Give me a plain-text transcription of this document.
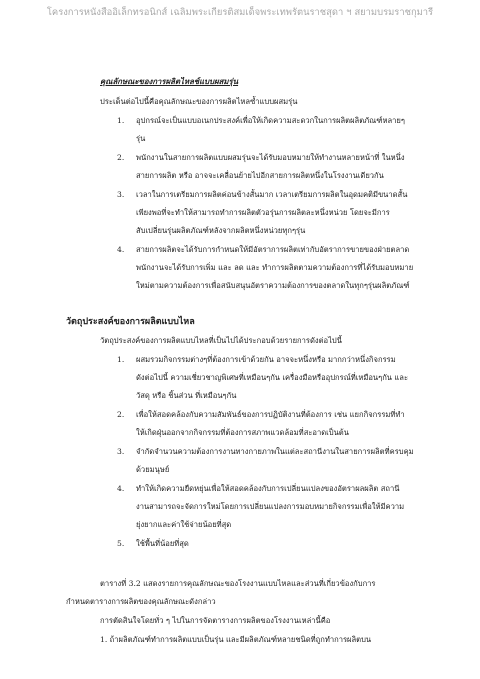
โครงการหนังสืออิเล็กทรอนิกส์ เฉลิมพระเกียรติสมเด็จพระเทพรัตนราชสุดา ฯ สยามบรมราชกุมารี
คุณลักษณะของการผลิตไหลช์แบบผสมรุ่น
ประเด็นต่อไปนี้คือคุณลักษณะของการผลิตไหลซ้ำแบบผสมรุ่น
1. อุปกรณ์จะเป็นแบบอเนกประสงค์เพื่อให้เกิดความสะดวกในการผลิตผลิตภัณฑ์หลายๆ
รุ่น
2. พนักงานในสายการผลิตแบบผสมรุ่นจะได้รับมอบหมายให้ทำงานหลายหน้าที่ ในหนึ่ง
สายการผลิต หรือ อาจจะเคลื่อนย้ายไปอีกสายการผลิตหนึ่งในโรงงานเดียวกัน
3. เวลาในการเตรียมการผลิตค่อนข้างสั้นมาก เวลาเตรียมการผลิตในอุดมคติมีขนาดสั้น
เพียงพอที่จะทำให้สามารถทำการผลิตตัวอรุ่นการผลิตละหนึ่งหน่วย โดยจะมีการ
สับเปลี่ยนรุ่นผลิตภัณฑ์หลังจากผลิตหนึ่งหน่วยทุกๆรุ่น
4. สายการผลิตจะได้รับการกำหนดให้มีอัตราการผลิตเท่ากับอัตราการขายของฝ่ายตลาด
พนักงานจะได้รับการเพิ่ม และ ลด และ ทำการผลิตตามความต้องการที่ได้รับมอบหมาย
ใหม่ตามความต้องการเพื่อสนับสนุนอัตราความต้องการของตลาดในทุกๆรุ่นผลิตภัณฑ์
วัตถุประสงค์ของการผลิตแบบไหล
วัตถุประสงค์ของการผลิตแบบไหลที่เป็นไปได้ประกอบด้วยรายการดังต่อไปนี้
1. ผสมรวมกิจกรรมต่างๆที่ต้องการเข้าด้วยกัน อาจจะหนึ่งหรือ มากกว่าหนึ่งกิจกรรม
ดังต่อไปนี้ ความเชี่ยวชาญพิเศษที่เหมือนๆกัน เครื่องมือหรืออุปกรณ์ที่เหมือนๆกัน และ
วัสดุ หรือ ชิ้นส่วน ที่เหมือนๆกัน
2. เพื่อให้สอดคล้องกับความสัมพันธ์ของการปฏิบัติงานที่ต้องการ เช่น แยกกิจกรรมที่ทำ
ให้เกิดฝุ่นออกจากกิจกรรมที่ต้องการสภาพแวดล้อมที่สะอาดเป็นต้น
3. จำกัดจำนวนความต้องการงานทางกายภาพในแต่ละสถานีงานในสายการผลิตที่ครบคุม
ด้วยมนุษย์
4. ทำให้เกิดความยืดหยุ่นเพื่อให้สอดคล้องกับการเปลี่ยนแปลงของอัตราผลผลิต สถานี
งานสามารถจะจัดการใหม่โดยการเปลี่ยนแปลงการมอบหมายกิจกรรมเพื่อให้มีความ
ยุ่งยากและค่าใช้จ่ายน้อยที่สุด
5. ใช้พื้นที่น้อยที่สุด
ตารางที่ 3.2 แสดงรายการคุณลักษณะของโรงงานแบบไหลและส่วนที่เกี่ยวข้องกับการ
กำหนดตารางการผลิตของคุณลักษณะดังกล่าว
การตัดสินใจโดยทั่ว ๆ ไปในการจัดตารางการผลิตของโรงงานเหล่านี้คือ
1. ถ้าผลิตภัณฑ์ทำการผลิตแบบเป็นรุ่น และมีผลิตภัณฑ์หลายชนิดที่ถูกทำการผลิตบน
